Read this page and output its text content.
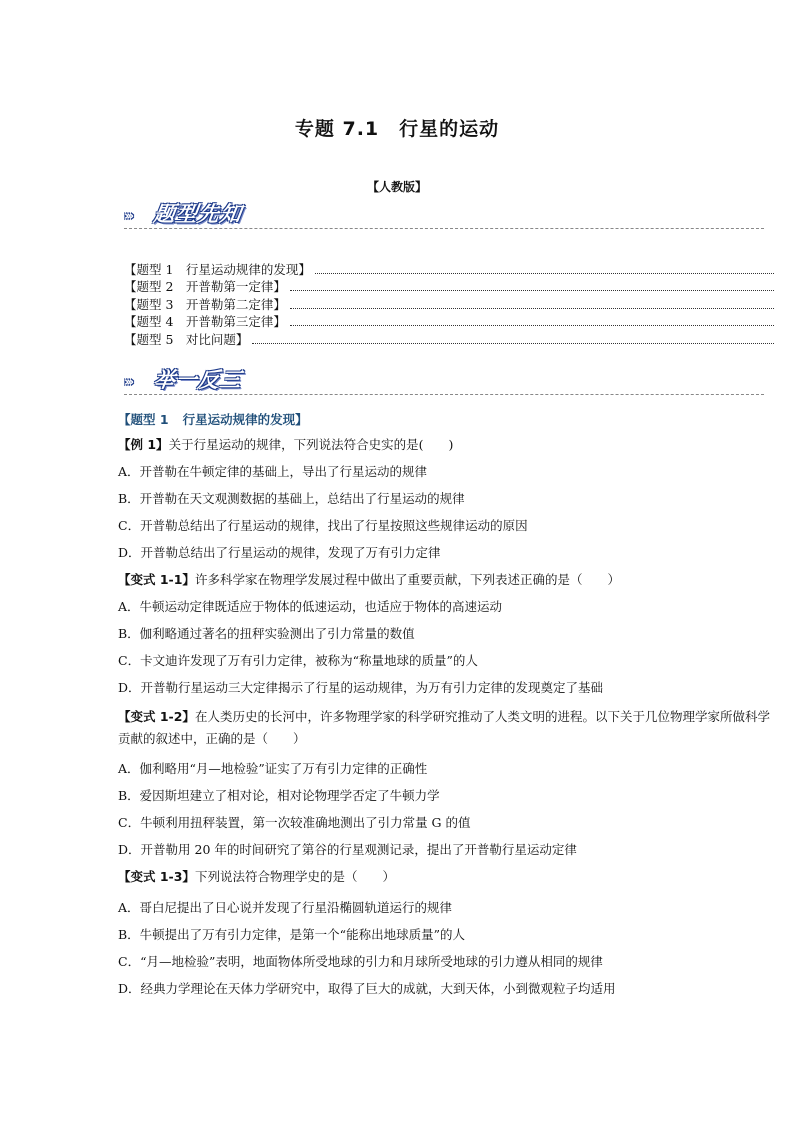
专题 7.1　行星的运动
【人教版】
››› 题型先知
【题型 1　行星运动规律的发现】
【题型 2　开普勒第一定律】
【题型 3　开普勒第二定律】
【题型 4　开普勒第三定律】
【题型 5　对比问题】
››› 举一反三
【题型 1 行星运动规律的发现】
【例 1】关于行星运动的规律，下列说法符合史实的是(　　)
A．开普勒在牛顿定律的基础上，导出了行星运动的规律
B．开普勒在天文观测数据的基础上，总结出了行星运动的规律
C．开普勒总结出了行星运动的规律，找出了行星按照这些规律运动的原因
D．开普勒总结出了行星运动的规律，发现了万有引力定律
【变式 1-1】许多科学家在物理学发展过程中做出了重要贡献，下列表述正确的是（　　）
A．牛顿运动定律既适应于物体的低速运动，也适应于物体的高速运动
B．伽利略通过著名的扭秤实验测出了引力常量的数值
C．卡文迪许发现了万有引力定律，被称为“称量地球的质量”的人
D．开普勒行星运动三大定律揭示了行星的运动规律，为万有引力定律的发现奠定了基础
【变式 1-2】在人类历史的长河中，许多物理学家的科学研究推动了人类文明的进程。以下关于几位物理学家所做科学贡献的叙述中，正确的是（　　）
A．伽利略用“月—地检验”证实了万有引力定律的正确性
B．爱因斯坦建立了相对论，相对论物理学否定了牛顿力学
C．牛顿利用扭秤装置，第一次较准确地测出了引力常量 G 的值
D．开普勒用 20 年的时间研究了第谷的行星观测记录，提出了开普勒行星运动定律
【变式 1-3】下列说法符合物理学史的是（　　）
A．哥白尼提出了日心说并发现了行星沿椭圆轨道运行的规律
B．牛顿提出了万有引力定律，是第一个“能称出地球质量”的人
C．“月—地检验”表明，地面物体所受地球的引力和月球所受地球的引力遵从相同的规律
D．经典力学理论在天体力学研究中，取得了巨大的成就，大到天体，小到微观粒子均适用
